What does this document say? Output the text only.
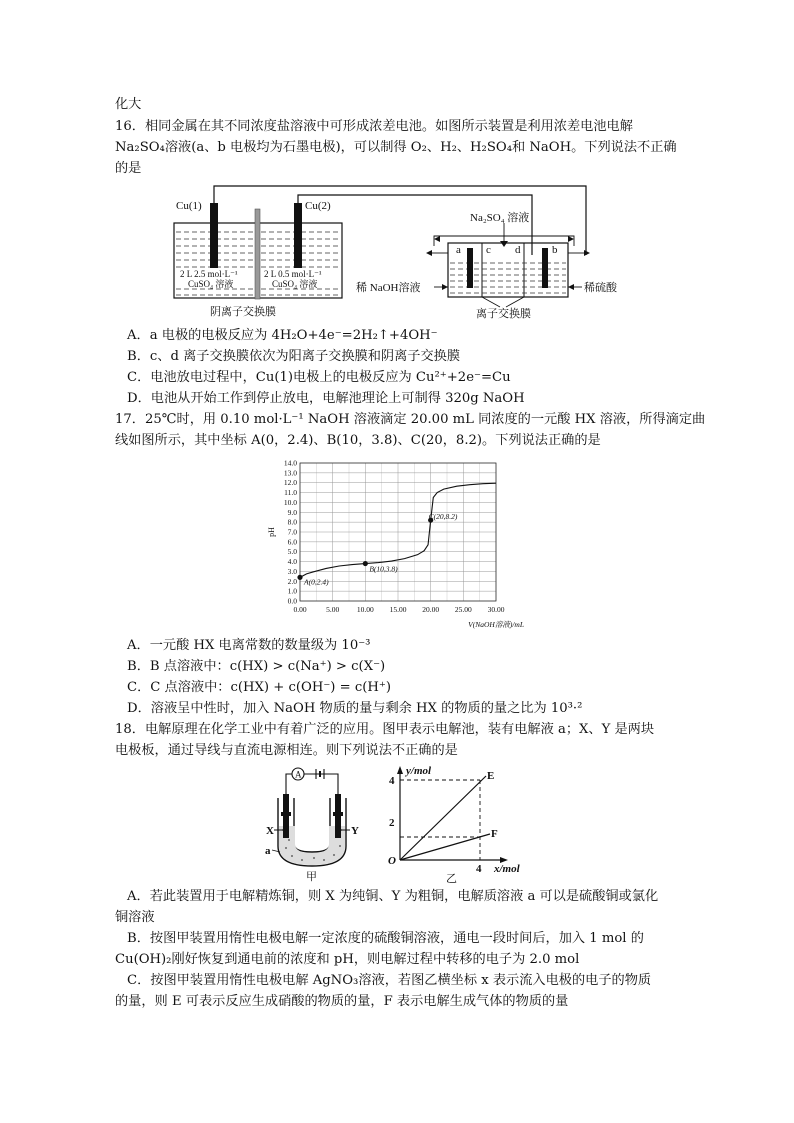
化大
16．相同金属在其不同浓度盐溶液中可形成浓差电池。如图所示装置是利用浓差电池电解
Na₂SO₄溶液(a、b 电极均为石墨电极)，可以制得 O₂、H₂、H₂SO₄和 NaOH。下列说法不正确
的是
Cu(1)	Cu(2)
2 L 2.5 mol·L⁻¹
CuSO₄ 溶液
2 L 0.5 mol·L⁻¹
CuSO₄ 溶液
阴离子交换膜
Na₂SO₄ 溶液
a c d	b
稀 NaOH溶液	稀硫酸
离子交换膜
A．a 电极的电极反应为 4H₂O+4e⁻=2H₂↑+4OH⁻
B．c、d 离子交换膜依次为阳离子交换膜和阴离子交换膜
C．电池放电过程中，Cu(1)电极上的电极反应为 Cu²⁺+2e⁻=Cu
D．电池从开始工作到停止放电，电解池理论上可制得 320g NaOH
17．25℃时，用 0.10 mol·L⁻¹ NaOH 溶液滴定 20.00 mL 同浓度的一元酸 HX 溶液，所得滴定曲
线如图所示，其中坐标 A(0，2.4)、B(10，3.8)、C(20，8.2)。下列说法正确的是
0.0
1.0
2.0
3.0
4.0
5.0
6.0
7.0
8.0
9.0
10.0
11.0
12.0
13.0
14.0
0.00	5.00 10.00 15.00 20.00 25.00 30.00
pH
V(NaOH溶液)/mL
A(0,2.4)
B(10,3.8)
C(20,8.2)
A．一元酸 HX 电离常数的数量级为 10⁻³
B．B 点溶液中：c(HX) > c(Na⁺) > c(X⁻)
C．C 点溶液中：c(HX) + c(OH⁻) = c(H⁺)
D．溶液呈中性时，加入 NaOH 物质的量与剩余 HX 的物质的量之比为 10³·²
18．电解原理在化学工业中有着广泛的应用。图甲表示电解池，装有电解液 a；X、Y 是两块
电极板，通过导线与直流电源相连。则下列说法不正确的是
A
X	Y
a
甲
y/mol
x/mol
O
4
2
4
E
F
乙
A．若此装置用于电解精炼铜，则 X 为纯铜、Y 为粗铜，电解质溶液 a 可以是硫酸铜或氯化
铜溶液
B．按图甲装置用惰性电极电解一定浓度的硫酸铜溶液，通电一段时间后，加入 1 mol 的
Cu(OH)₂刚好恢复到通电前的浓度和 pH，则电解过程中转移的电子为 2.0 mol
C．按图甲装置用惰性电极电解 AgNO₃溶液，若图乙横坐标 x 表示流入电极的电子的物质
的量，则 E 可表示反应生成硝酸的物质的量，F 表示电解生成气体的物质的量
